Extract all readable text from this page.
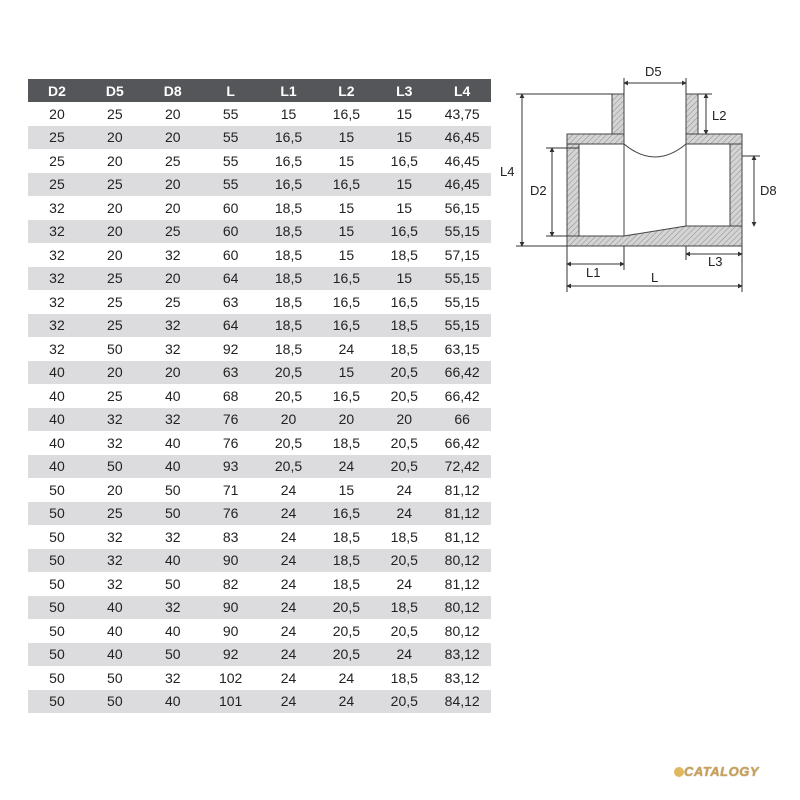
D2	D5	D8	L	L1	L2	L3	L4
20	25	20	55	15	16,5	15	43,75
25	20	20	55	16,5	15	15	46,45
25	20	25	55	16,5	15	16,5	46,45
25	25	20	55	16,5	16,5	15	46,45
32	20	20	60	18,5	15	15	56,15
32	20	25	60	18,5	15	16,5	55,15
32	20	32	60	18,5	15	18,5	57,15
32	25	20	64	18,5	16,5	15	55,15
32	25	25	63	18,5	16,5	16,5	55,15
32	25	32	64	18,5	16,5	18,5	55,15
32	50	32	92	18,5	24	18,5	63,15
40	20	20	63	20,5	15	20,5	66,42
40	25	40	68	20,5	16,5	20,5	66,42
40	32	32	76	20	20	20	66
40	32	40	76	20,5	18,5	20,5	66,42
40	50	40	93	20,5	24	20,5	72,42
50	20	50	71	24	15	24	81,12
50	25	50	76	24	16,5	24	81,12
50	32	32	83	24	18,5	18,5	81,12
50	32	40	90	24	18,5	20,5	80,12
50	32	50	82	24	18,5	24	81,12
50	40	32	90	24	20,5	18,5	80,12
50	40	40	90	24	20,5	20,5	80,12
50	40	50	92	24	20,5	24	83,12
50	50	32	102	24	24	18,5	83,12
50	50	40	101	24	24	20,5	84,12
D5
L2
L4
D2	D8
L1
L3
L
CATALOGY
